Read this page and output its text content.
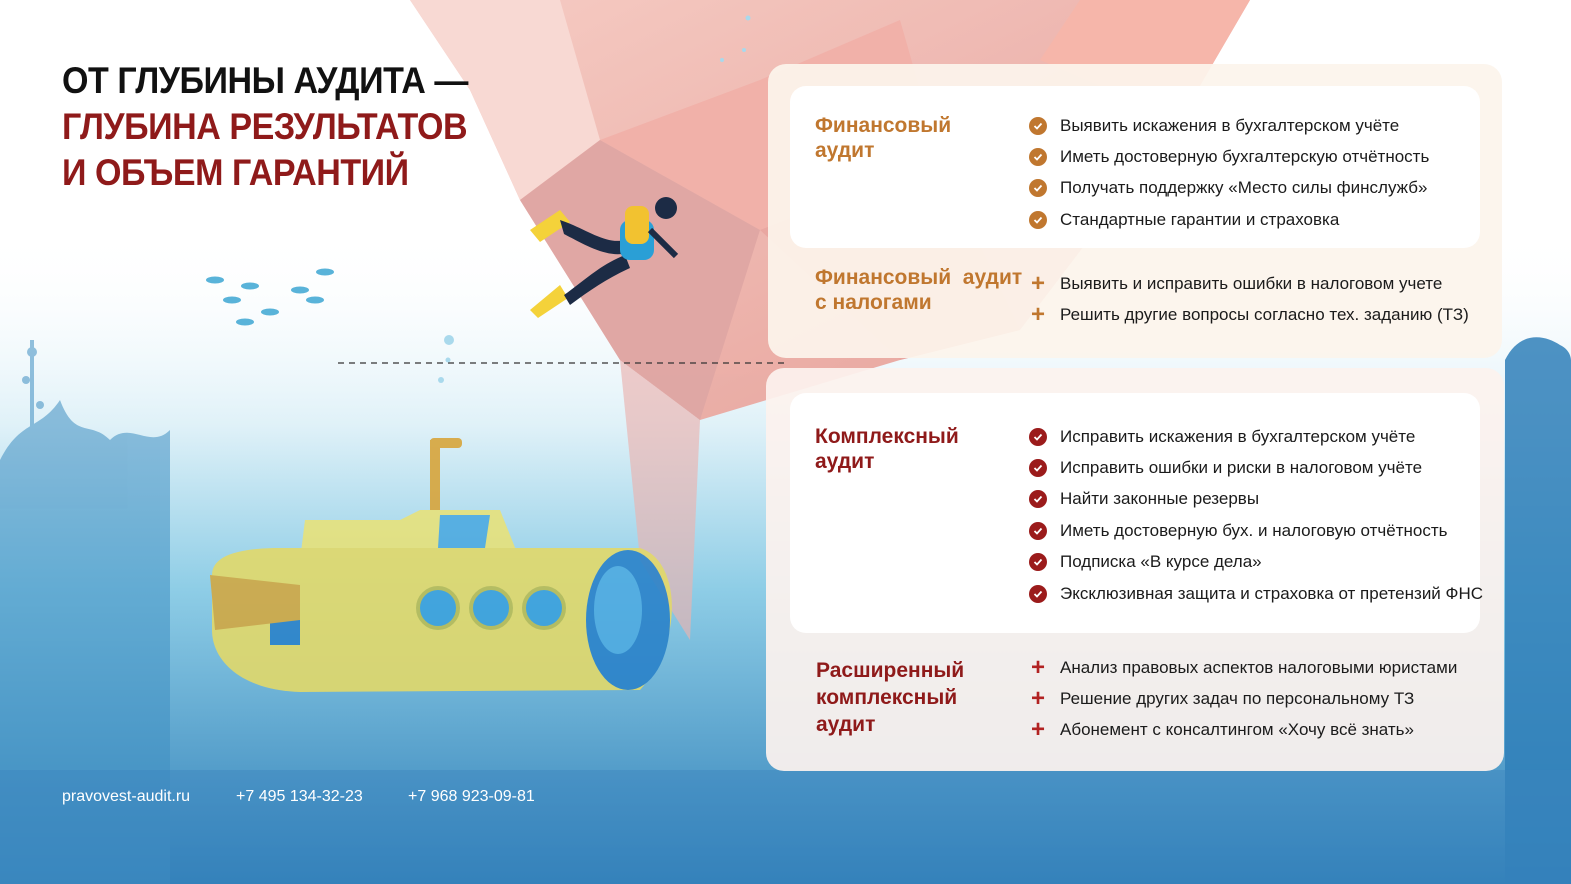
ОТ ГЛУБИНЫ АУДИТА —
ГЛУБИНА РЕЗУЛЬТАТОВ
И ОБЪЕМ ГАРАНТИЙ
Финансовый
аудит
Выявить искажения в бухгалтерском учёте
Иметь достоверную бухгалтерскую отчётность
Получать поддержку «Место силы финслужб»
Стандартные гарантии и страховка
Финансовый  аудит
с налогами
+ Выявить и исправить ошибки в налоговом учете
+ Решить другие вопросы согласно тех. заданию (ТЗ)
Комплексный
аудит
Исправить искажения в бухгалтерском учёте
Исправить ошибки и риски в налоговом учёте
Найти законные резервы
Иметь достоверную бух. и налоговую отчётность
Подписка «В курсе дела»
Эксклюзивная защита и страховка от претензий ФНС
Расширенный
комплексный
аудит
+ Анализ правовых аспектов налоговыми юристами
+ Решение других задач по персональному ТЗ
+ Абонемент с консалтингом «Хочу всё знать»
pravovest-audit.ru	+7 495 134-32-23	+7 968 923-09-81
